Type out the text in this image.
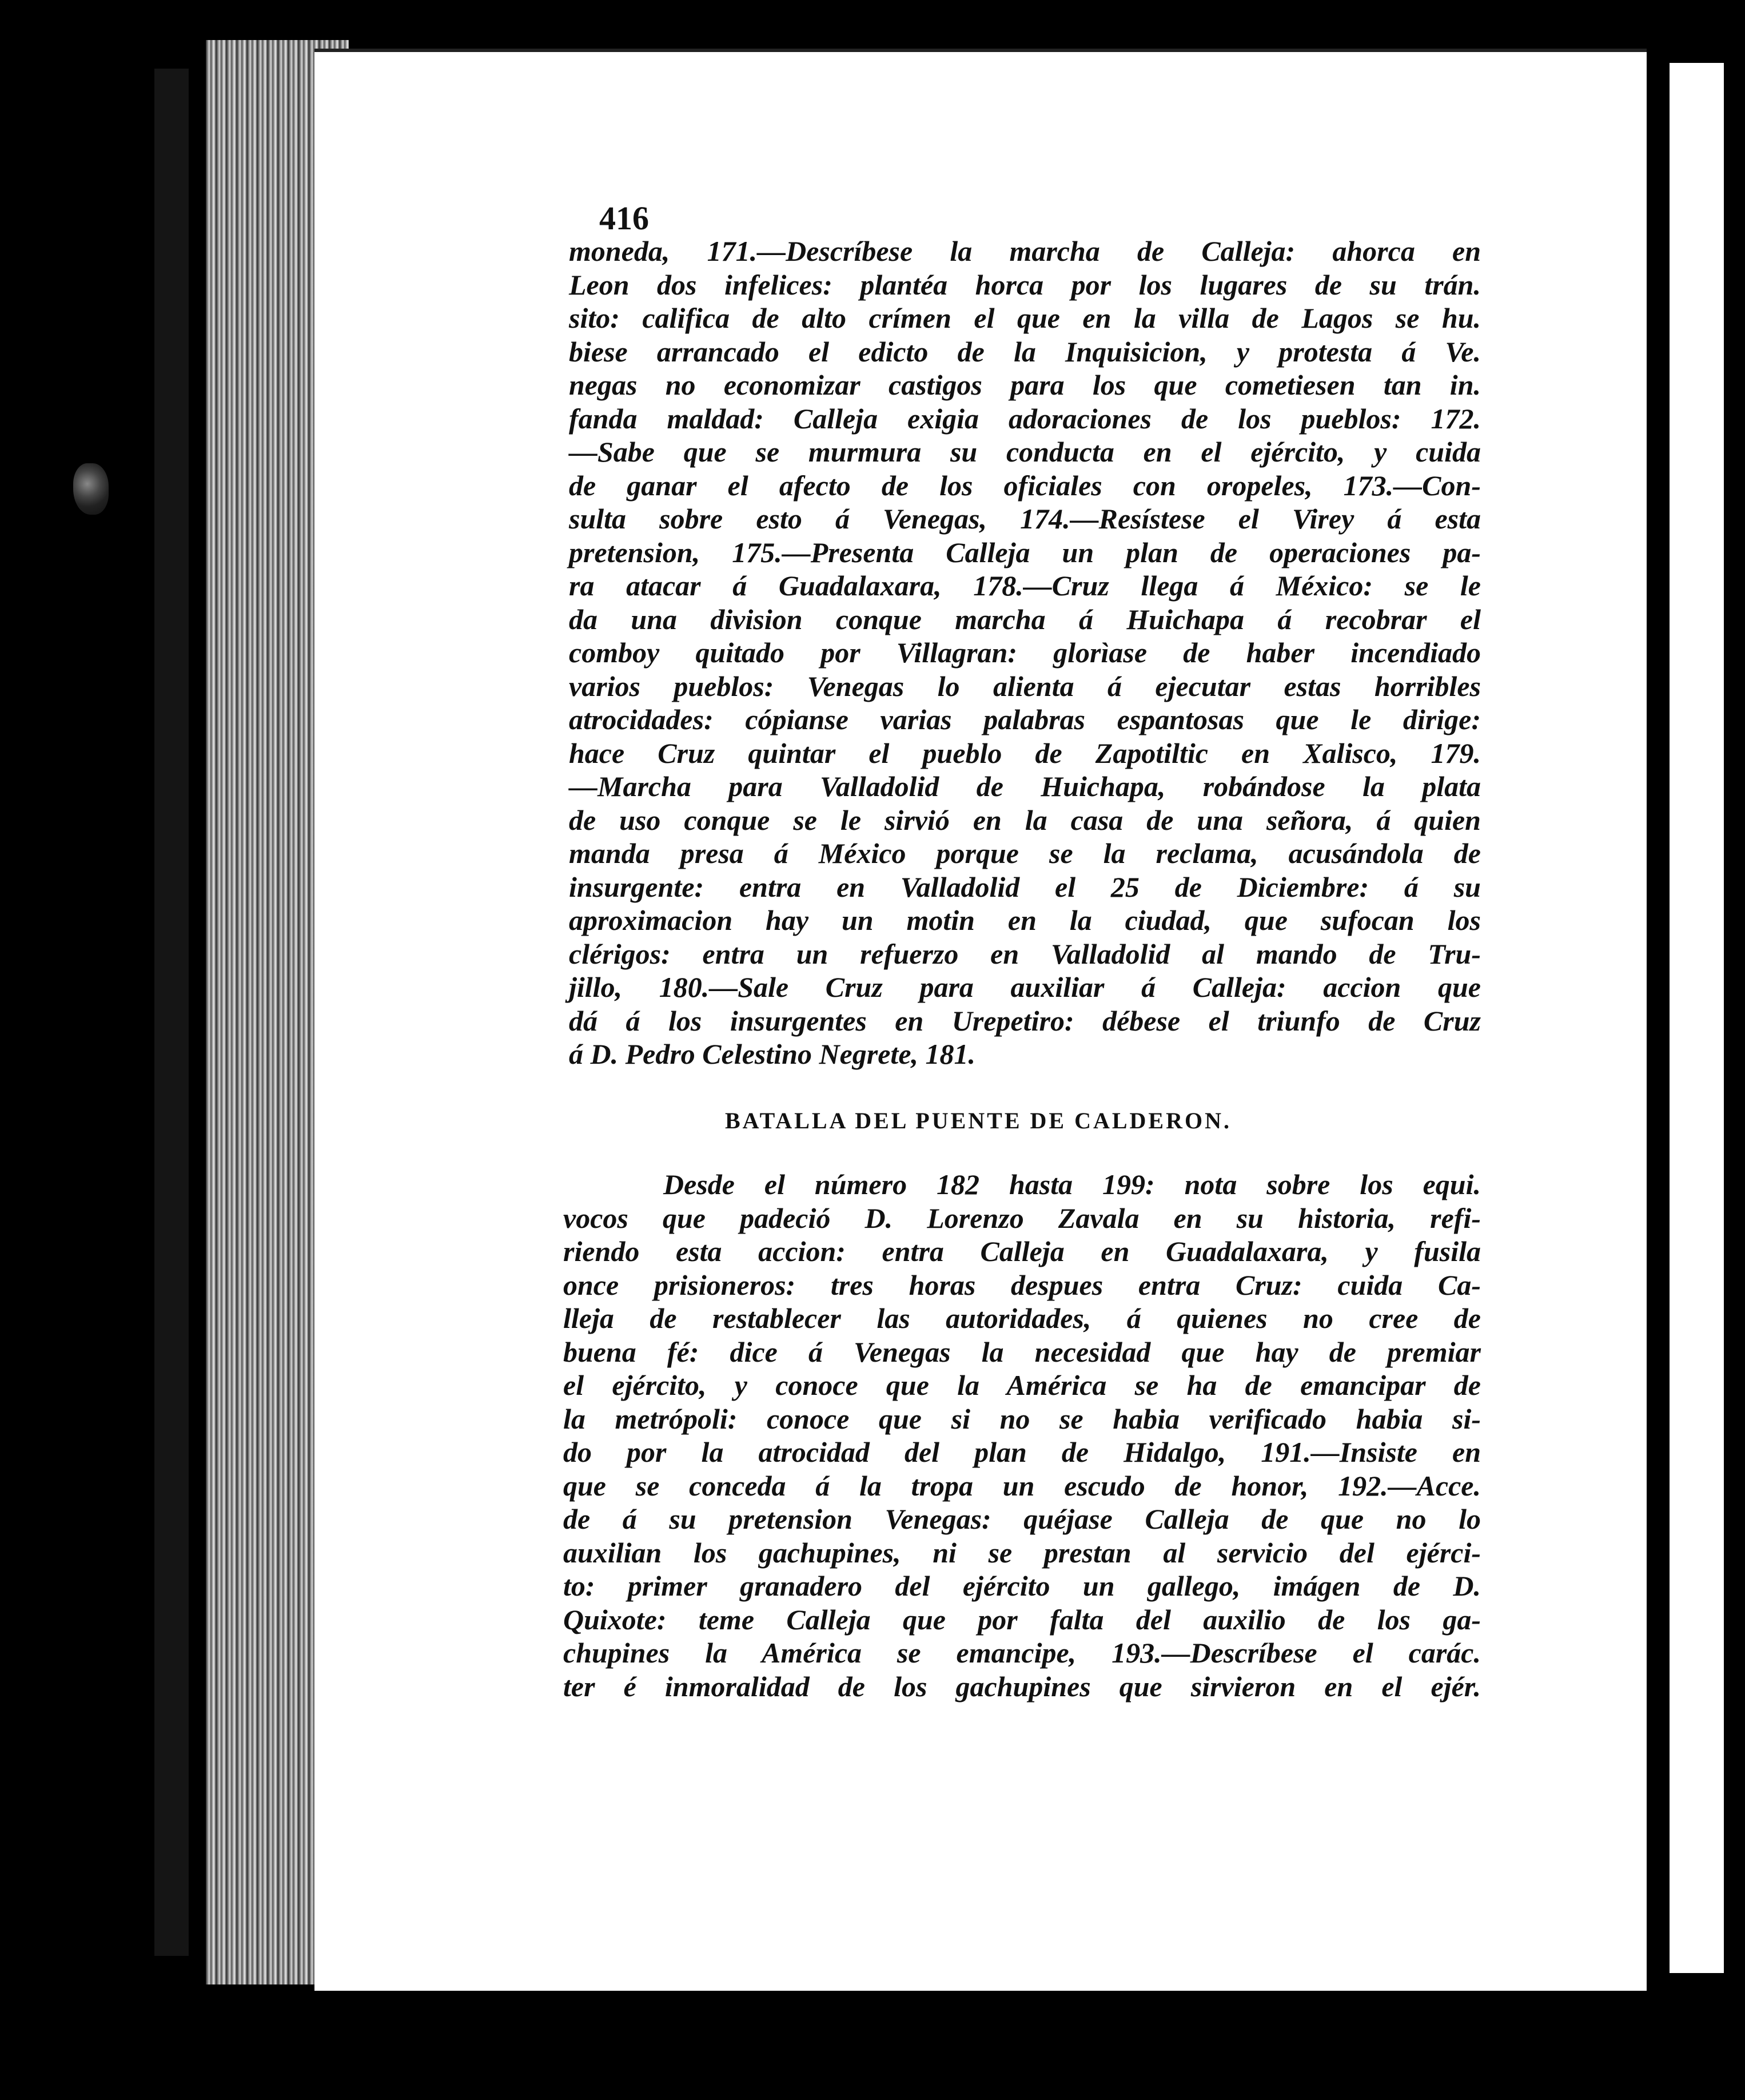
416
moneda, 171.—Descríbese la marcha de Calleja: ahorca en
Leon dos infelices: plantéa horca por los lugares de su trán.
sito: califica de alto crímen el que en la villa de Lagos se hu.
biese arrancado el edicto de la Inquisicion, y protesta á Ve.
negas no economizar castigos para los que cometiesen tan in.
fanda maldad: Calleja exigia adoraciones de los pueblos: 172.
—Sabe que se murmura su conducta en el ejército, y cuida
de ganar el afecto de los oficiales con oropeles, 173.—Con-
sulta sobre esto á Venegas, 174.—Resístese el Virey á esta
pretension, 175.—Presenta Calleja un plan de operaciones pa-
ra atacar á Guadalaxara, 178.—Cruz llega á México: se le
da una division conque marcha á Huichapa á recobrar el
comboy quitado por Villagran: glorìase de haber incendiado
varios pueblos: Venegas lo alienta á ejecutar estas horribles
atrocidades: cópianse varias palabras espantosas que le dirige:
hace Cruz quintar el pueblo de Zapotiltic en Xalisco, 179.
—Marcha para Valladolid de Huichapa, robándose la plata
de uso conque se le sirvió en la casa de una señora, á quien
manda presa á México porque se la reclama, acusándola de
insurgente: entra en Valladolid el 25 de Diciembre: á su
aproximacion hay un motin en la ciudad, que sufocan los
clérigos: entra un refuerzo en Valladolid al mando de Tru-
jillo, 180.—Sale Cruz para auxiliar á Calleja: accion que
dá á los insurgentes en Urepetiro: débese el triunfo de Cruz
á D. Pedro Celestino Negrete, 181.
BATALLA DEL PUENTE DE CALDERON.
Desde el número 182 hasta 199: nota sobre los equi.
vocos que padeció D. Lorenzo Zavala en su historia, refi-
riendo esta accion: entra Calleja en Guadalaxara, y fusila
once prisioneros: tres horas despues entra Cruz: cuida Ca-
lleja de restablecer las autoridades, á quienes no cree de
buena fé: dice á Venegas la necesidad que hay de premiar
el ejército, y conoce que la América se ha de emancipar de
la metrópoli: conoce que si no se habia verificado habia si-
do por la atrocidad del plan de Hidalgo, 191.—Insiste en
que se conceda á la tropa un escudo de honor, 192.—Acce.
de á su pretension Venegas: quéjase Calleja de que no lo
auxilian los gachupines, ni se prestan al servicio del ejérci-
to: primer granadero del ejército un gallego, imágen de D.
Quixote: teme Calleja que por falta del auxilio de los ga-
chupines la América se emancipe, 193.—Descríbese el carác.
ter é inmoralidad de los gachupines que sirvieron en el ejér.
